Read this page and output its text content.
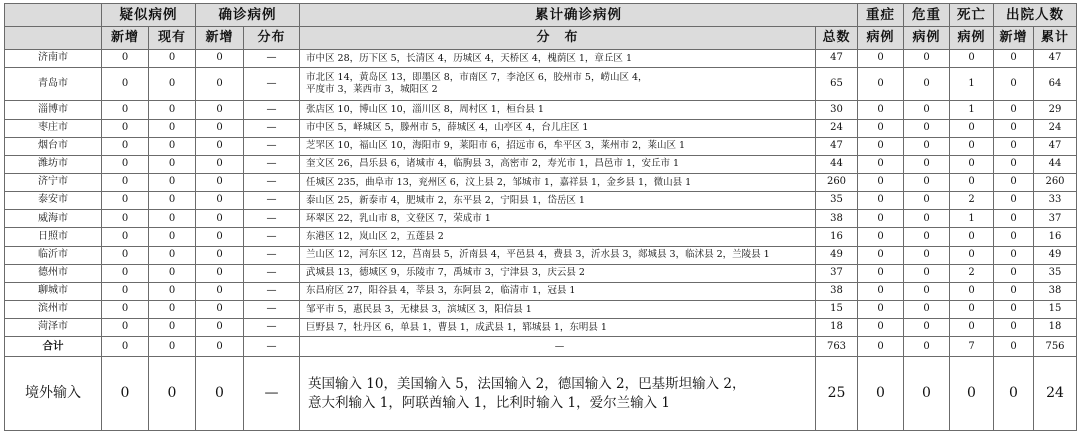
	疑似病例		确诊病例		累计确诊病例		重症	危重	死亡	出院人数	
	新增	现有	新增	分布	分　布	总数	病例	病例	病例	新增	累计
济南市	0	0	0	—	市中区 28，历下区 5，长清区 4，历城区 4，天桥区 4，槐荫区 1，章丘区 1	47	0	0	0	0	47
青岛市	0	0	0	—	市北区 14，黄岛区 13，即墨区 8，市南区 7，李沧区 6，胶州市 5，崂山区 4，
平度市 3，莱西市 3，城阳区 2	65	0	0	1	0	64
淄博市	0	0	0	—	张店区 10，博山区 10，淄川区 8，周村区 1，桓台县 1	30	0	0	1	0	29
枣庄市	0	0	0	—	市中区 5，峄城区 5，滕州市 5，薛城区 4，山亭区 4，台儿庄区 1	24	0	0	0	0	24
烟台市	0	0	0	—	芝罘区 10，福山区 10，海阳市 9，莱阳市 6，招远市 6，牟平区 3，莱州市 2，莱山区 1	47	0	0	0	0	47
潍坊市	0	0	0	—	奎文区 26，昌乐县 6，诸城市 4，临朐县 3，高密市 2，寿光市 1，昌邑市 1，安丘市 1	44	0	0	0	0	44
济宁市	0	0	0	—	任城区 235，曲阜市 13，兖州区 6，汶上县 2，邹城市 1，嘉祥县 1，金乡县 1，微山县 1	260	0	0	0	0	260
泰安市	0	0	0	—	泰山区 25，新泰市 4，肥城市 2，东平县 2，宁阳县 1，岱岳区 1	35	0	0	2	0	33
威海市	0	0	0	—	环翠区 22，乳山市 8，文登区 7，荣成市 1	38	0	0	1	0	37
日照市	0	0	0	—	东港区 12，岚山区 2，五莲县 2	16	0	0	0	0	16
临沂市	0	0	0	—	兰山区 12，河东区 12，莒南县 5，沂南县 4，平邑县 4，费县 3，沂水县 3，郯城县 3，临沭县 2，兰陵县 1	49	0	0	0	0	49
德州市	0	0	0	—	武城县 13，德城区 9，乐陵市 7，禹城市 3，宁津县 3，庆云县 2	37	0	0	2	0	35
聊城市	0	0	0	—	东昌府区 27，阳谷县 4，莘县 3，东阿县 2，临清市 1，冠县 1	38	0	0	0	0	38
滨州市	0	0	0	—	邹平市 5，惠民县 3，无棣县 3，滨城区 3，阳信县 1	15	0	0	0	0	15
菏泽市	0	0	0	—	巨野县 7，牡丹区 6，单县 1，曹县 1，成武县 1，郓城县 1，东明县 1	18	0	0	0	0	18
合计	0	0	0	—	—	763	0	0	7	0	756
境外输入	0	0	0	—	英国输入 10，美国输入 5，法国输入 2，德国输入 2，巴基斯坦输入 2，
意大利输入 1，阿联酋输入 1，比利时输入 1，爱尔兰输入 1	25	0	0	0	0	24
